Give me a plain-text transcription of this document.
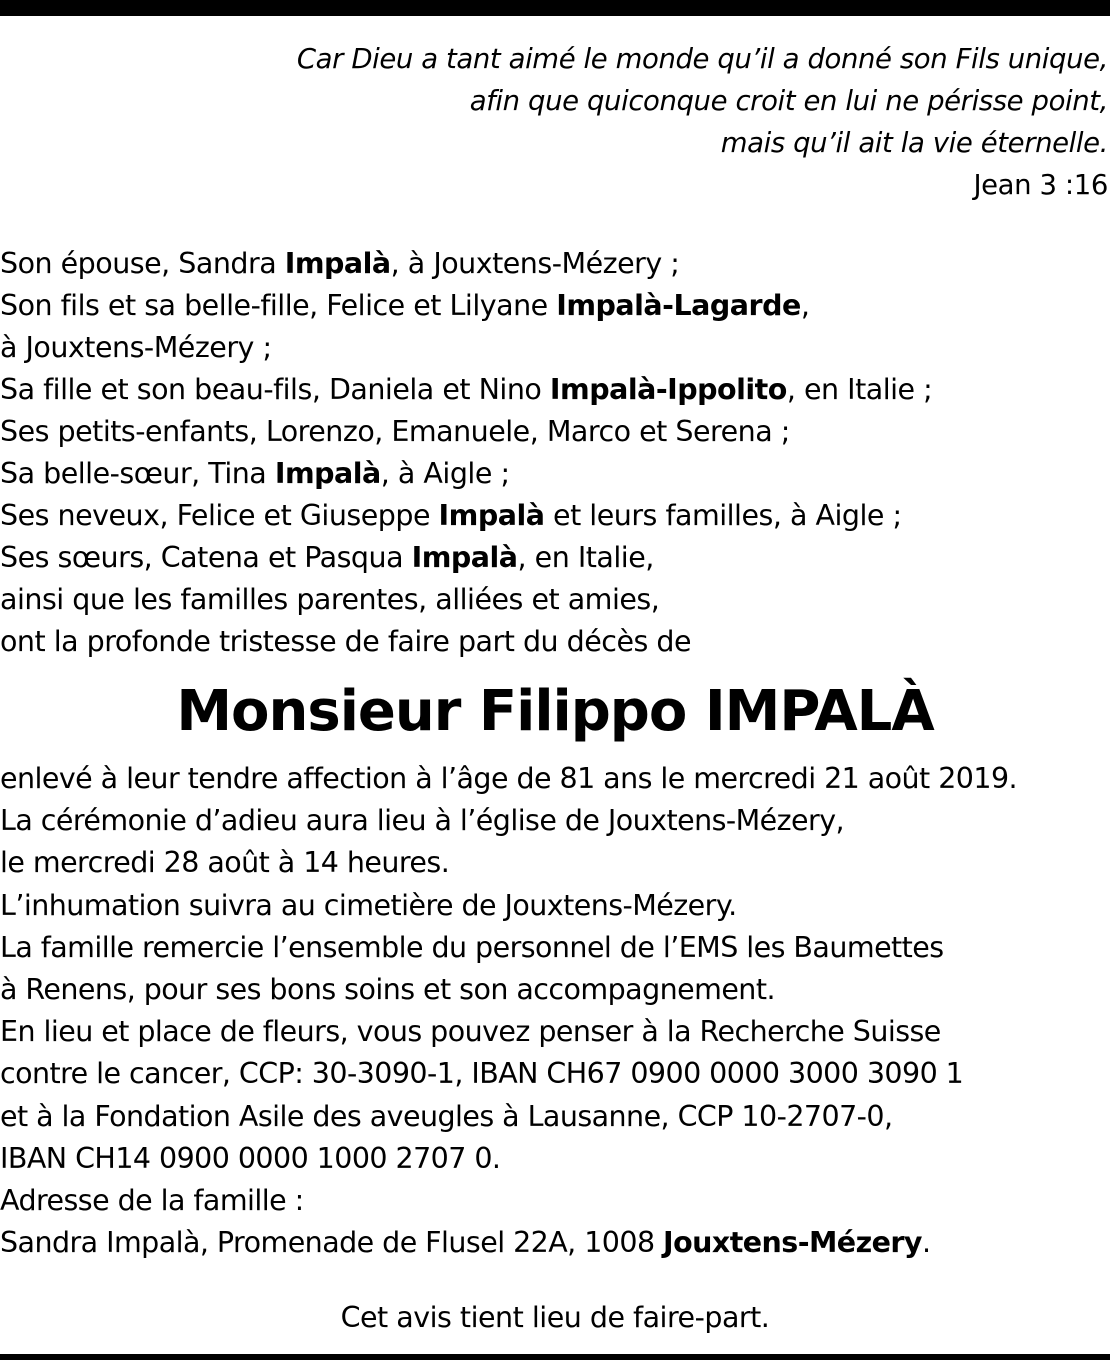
Car Dieu a tant aimé le monde qu’il a donné son Fils unique,
afin que quiconque croit en lui ne périsse point,
mais qu’il ait la vie éternelle.
Jean 3 :16
Son épouse, Sandra Impalà, à Jouxtens-Mézery ;
Son fils et sa belle-fille, Felice et Lilyane Impalà-Lagarde,
à Jouxtens-Mézery ;
Sa fille et son beau-fils, Daniela et Nino Impalà-Ippolito, en Italie ;
Ses petits-enfants, Lorenzo, Emanuele, Marco et Serena ;
Sa belle-sœur, Tina Impalà, à Aigle ;
Ses neveux, Felice et Giuseppe Impalà et leurs familles, à Aigle ;
Ses sœurs, Catena et Pasqua Impalà, en Italie,
ainsi que les familles parentes, alliées et amies,
ont la profonde tristesse de faire part du décès de
Monsieur Filippo IMPALÀ
enlevé à leur tendre affection à l’âge de 81 ans le mercredi 21 août 2019.
La cérémonie d’adieu aura lieu à l’église de Jouxtens-Mézery,
le mercredi 28 août à 14 heures.
L’inhumation suivra au cimetière de Jouxtens-Mézery.
La famille remercie l’ensemble du personnel de l’EMS les Baumettes
à Renens, pour ses bons soins et son accompagnement.
En lieu et place de fleurs, vous pouvez penser à la Recherche Suisse
contre le cancer, CCP: 30-3090-1, IBAN CH67 0900 0000 3000 3090 1
et à la Fondation Asile des aveugles à Lausanne, CCP 10-2707-0,
IBAN CH14 0900 0000 1000 2707 0.
Adresse de la famille :
Sandra Impalà, Promenade de Flusel 22A, 1008 Jouxtens-Mézery.
Cet avis tient lieu de faire-part.
